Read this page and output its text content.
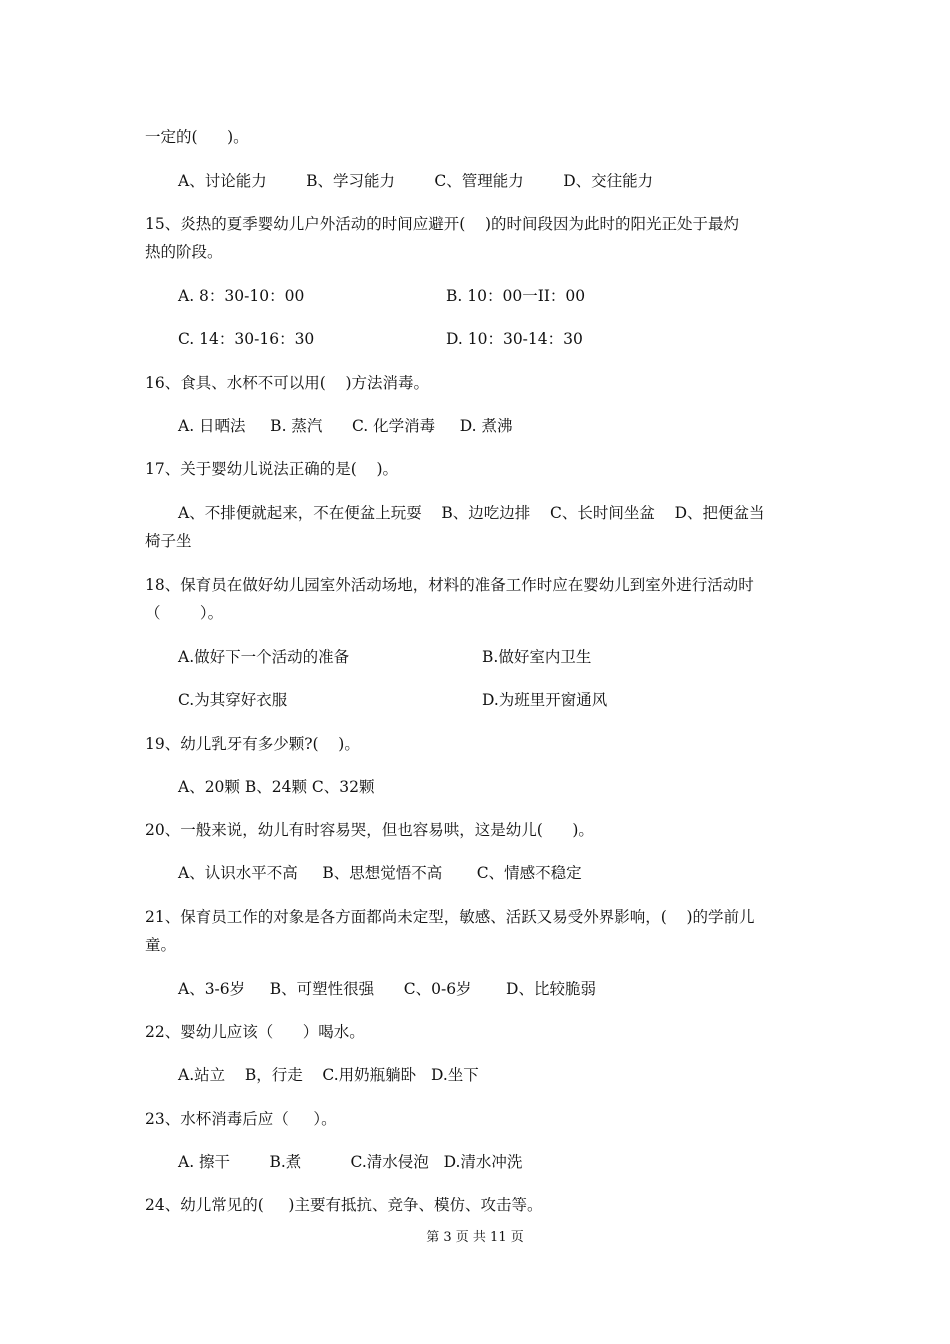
一定的(      )。
A、讨论能力        B、学习能力        C、管理能力        D、交往能力
15、炎热的夏季婴幼儿户外活动的时间应避开(    )的时间段因为此时的阳光正处于最灼
热的阶段。
A. 8：30-10：00	B. 10：00一II：00
C. 14：30-16：30	D. 10：30-14：30
16、食具、水杯不可以用(    )方法消毒。
A. 日晒法     B. 蒸汽      C. 化学消毒     D. 煮沸
17、关于婴幼儿说法正确的是(    )。
A、不排便就起来，不在便盆上玩耍    B、边吃边排    C、长时间坐盆    D、把便盆当
椅子坐
18、保育员在做好幼儿园室外活动场地，材料的准备工作时应在婴幼儿到室外进行活动时
（        ）。
A.做好下一个活动的准备	B.做好室内卫生
C.为其穿好衣服	D.为班里开窗通风
19、幼儿乳牙有多少颗?(    )。
A、20颗 B、24颗 C、32颗
20、一般来说，幼儿有时容易哭，但也容易哄，这是幼儿(      )。
A、认识水平不高     B、思想觉悟不高       C、情感不稳定
21、保育员工作的对象是各方面都尚未定型，敏感、活跃又易受外界影响，(    )的学前儿
童。
A、3-6岁     B、可塑性很强      C、0-6岁       D、比较脆弱
22、婴幼儿应该（      ）喝水。
A.站立    B，行走    C.用奶瓶躺卧   D.坐下
23、水杯消毒后应（     ）。
A. 擦干        B.煮          C.清水侵泡   D.清水冲洗
24、幼儿常见的(     )主要有抵抗、竞争、模仿、攻击等。
第 3 页 共 11 页
